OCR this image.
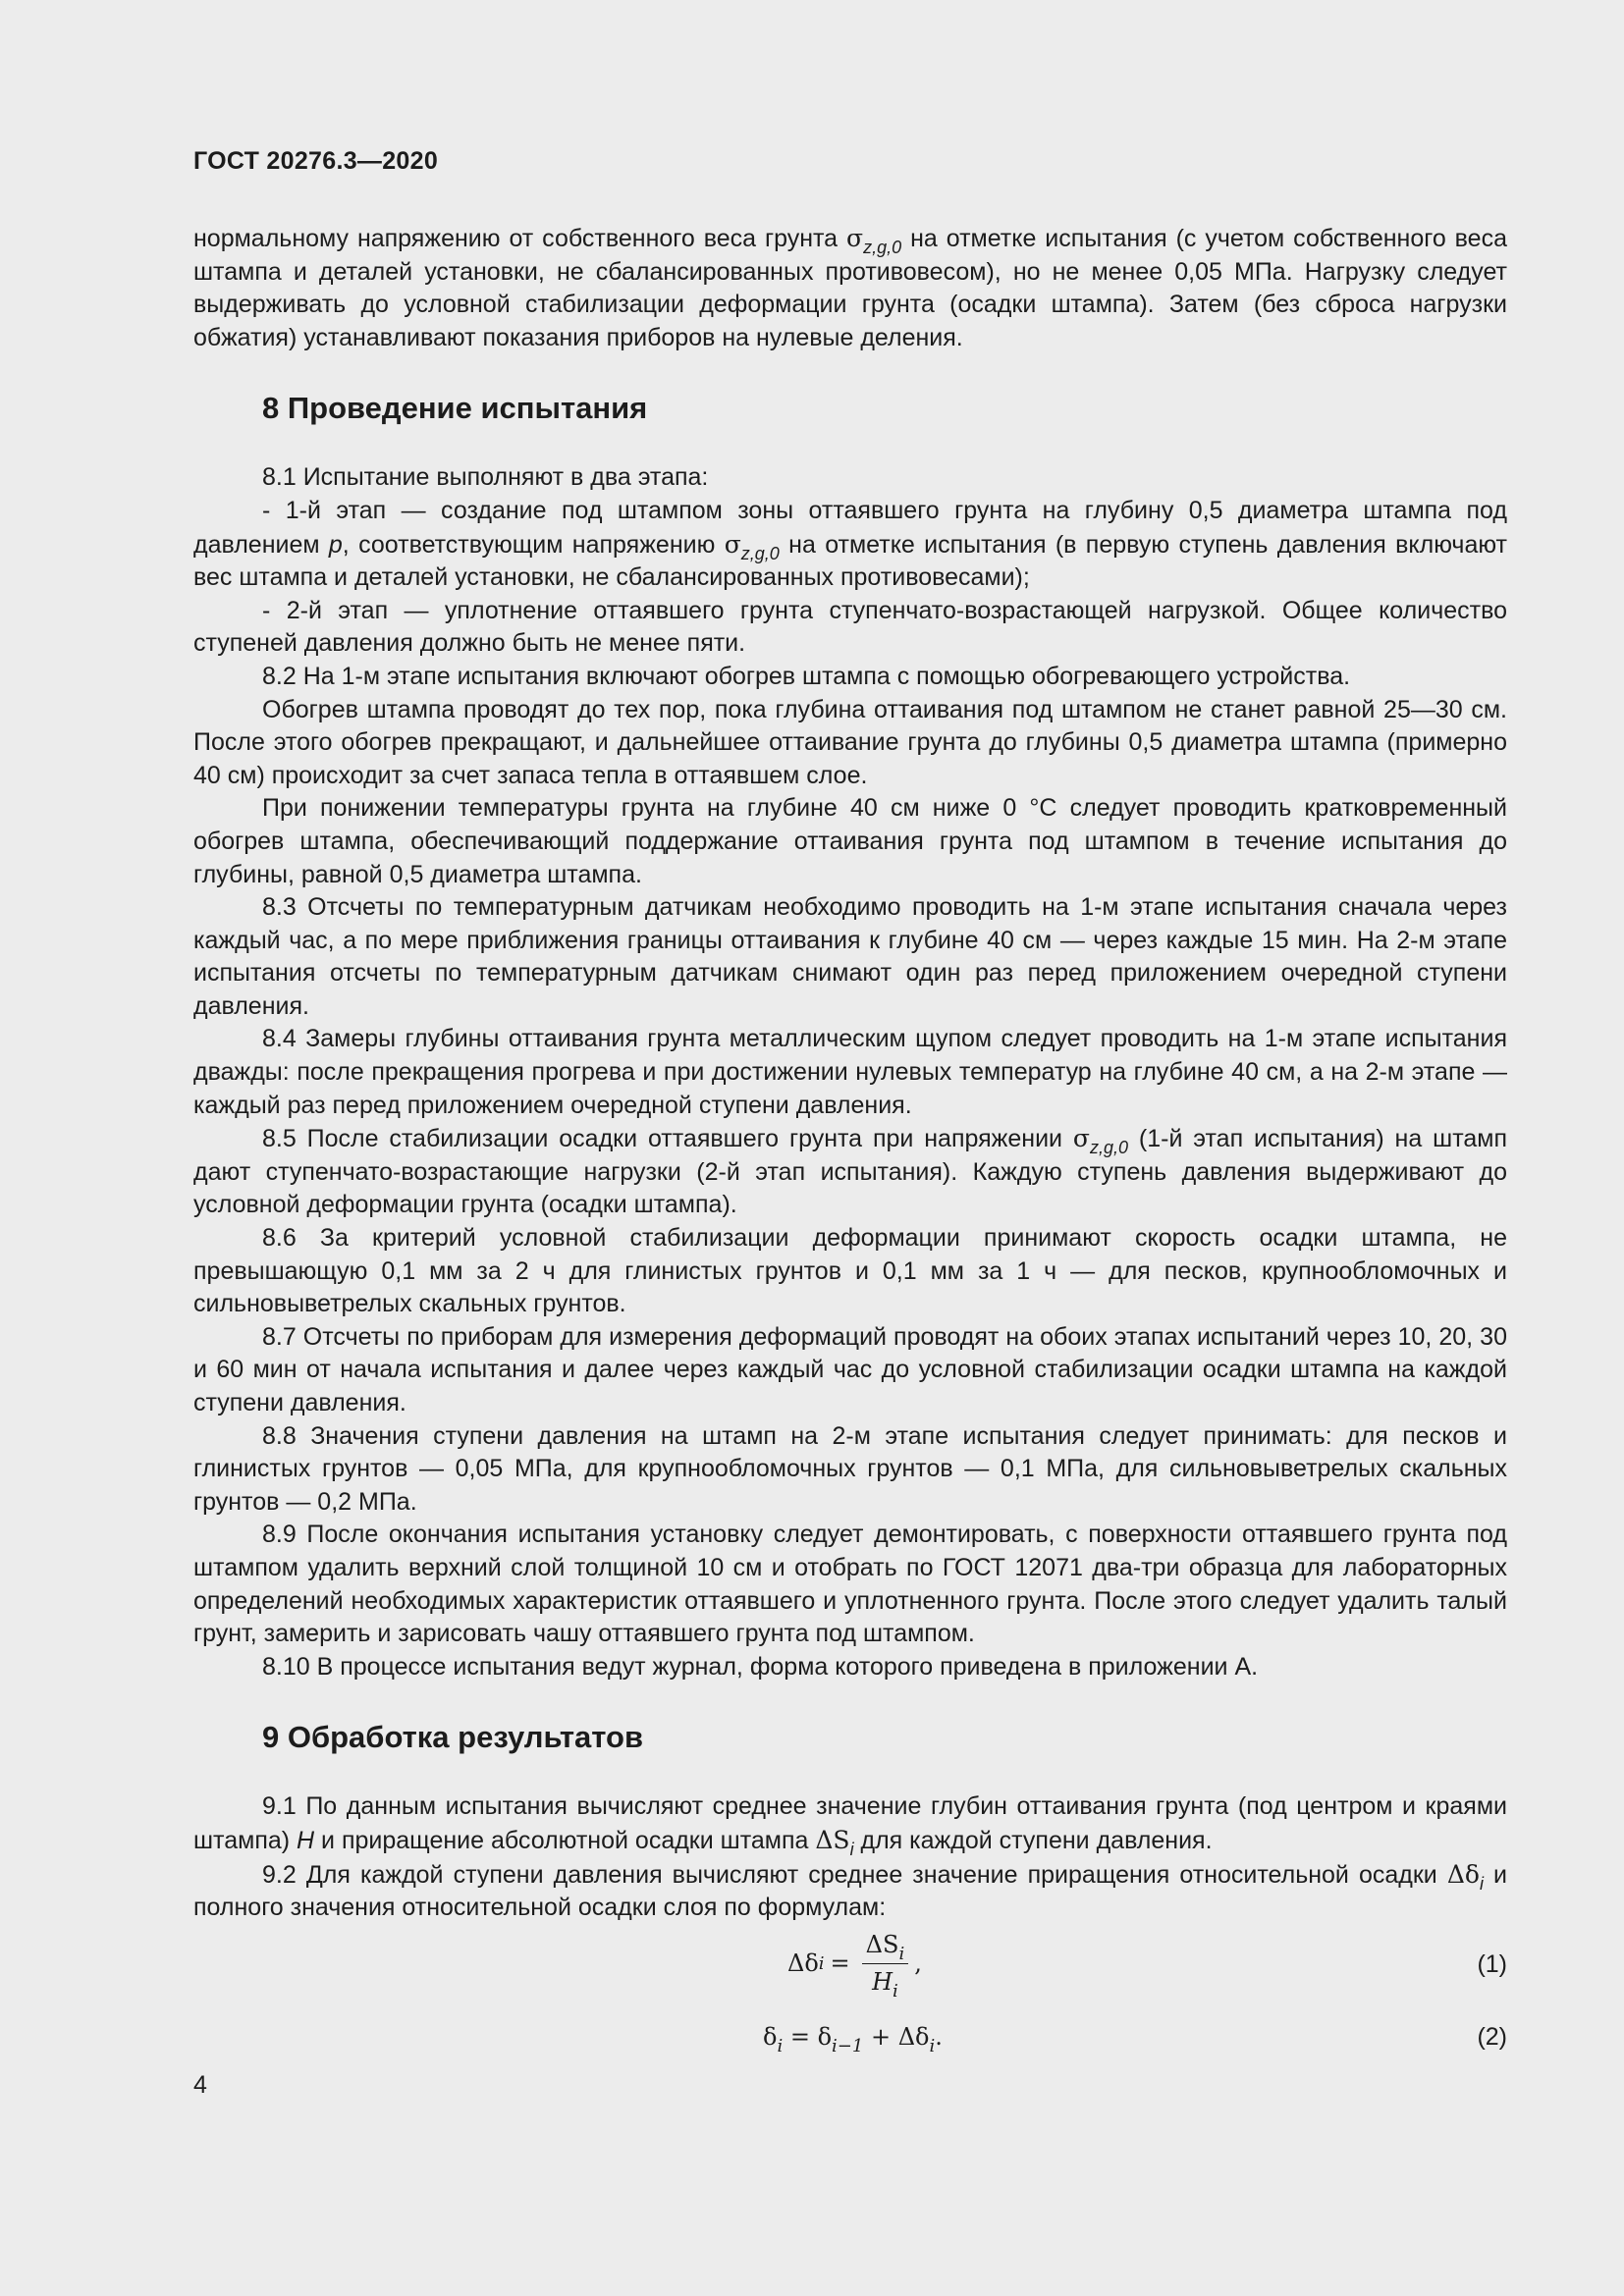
ГОСТ 20276.3—2020

нормальному напряжению от собственного веса грунта $\sigma_{z,g,0}$ на отметке испытания (с учетом собственного веса штампа и деталей установки, не сбалансированных противовесом), но не менее 0,05 МПа. Нагрузку следует выдерживать до условной стабилизации деформации грунта (осадки штампа). Затем (без сброса нагрузки обжатия) устанавливают показания приборов на нулевые деления.

8 Проведение испытания

8.1 Испытание выполняют в два этапа:

- 1-й этап — создание под штампом зоны оттаявшего грунта на глубину 0,5 диаметра штампа под давлением p, соответствующим напряжению $\sigma_{z,g,0}$ на отметке испытания (в первую ступень давления включают вес штампа и деталей установки, не сбалансированных противовесами);

- 2-й этап — уплотнение оттаявшего грунта ступенчато-возрастающей нагрузкой. Общее количество ступеней давления должно быть не менее пяти.

8.2 На 1-м этапе испытания включают обогрев штампа с помощью обогревающего устройства.

Обогрев штампа проводят до тех пор, пока глубина оттаивания под штампом не станет равной 25—30 см. После этого обогрев прекращают, и дальнейшее оттаивание грунта до глубины 0,5 диаметра штампа (примерно 40 см) происходит за счет запаса тепла в оттаявшем слое.

При понижении температуры грунта на глубине 40 см ниже 0 °С следует проводить кратковременный обогрев штампа, обеспечивающий поддержание оттаивания грунта под штампом в течение испытания до глубины, равной 0,5 диаметра штампа.

8.3 Отсчеты по температурным датчикам необходимо проводить на 1-м этапе испытания сначала через каждый час, а по мере приближения границы оттаивания к глубине 40 см — через каждые 15 мин. На 2-м этапе испытания отсчеты по температурным датчикам снимают один раз перед приложением очередной ступени давления.

8.4 Замеры глубины оттаивания грунта металлическим щупом следует проводить на 1-м этапе испытания дважды: после прекращения прогрева и при достижении нулевых температур на глубине 40 см, а на 2-м этапе — каждый раз перед приложением очередной ступени давления.

8.5 После стабилизации осадки оттаявшего грунта при напряжении $\sigma_{z,g,0}$ (1-й этап испытания) на штамп дают ступенчато-возрастающие нагрузки (2-й этап испытания). Каждую ступень давления выдерживают до условной деформации грунта (осадки штампа).

8.6 За критерий условной стабилизации деформации принимают скорость осадки штампа, не превышающую 0,1 мм за 2 ч для глинистых грунтов и 0,1 мм за 1 ч — для песков, крупнообломочных и сильновыветрелых скальных грунтов.

8.7 Отсчеты по приборам для измерения деформаций проводят на обоих этапах испытаний через 10, 20, 30 и 60 мин от начала испытания и далее через каждый час до условной стабилизации осадки штампа на каждой ступени давления.

8.8 Значения ступени давления на штамп на 2-м этапе испытания следует принимать: для песков и глинистых грунтов — 0,05 МПа, для крупнообломочных грунтов — 0,1 МПа, для сильновыветрелых скальных грунтов — 0,2 МПа.

8.9 После окончания испытания установку следует демонтировать, с поверхности оттаявшего грунта под штампом удалить верхний слой толщиной 10 см и отобрать по ГОСТ 12071 два-три образца для лабораторных определений необходимых характеристик оттаявшего и уплотненного грунта. После этого следует удалить талый грунт, замерить и зарисовать чашу оттаявшего грунта под штампом.

8.10 В процессе испытания ведут журнал, форма которого приведена в приложении А.

9 Обработка результатов

9.1 По данным испытания вычисляют среднее значение глубин оттаивания грунта (под центром и краями штампа) H и приращение абсолютной осадки штампа $\Delta S_i$ для каждой ступени давления.

9.2 Для каждой ступени давления вычисляют среднее значение приращения относительной осадки $\Delta\delta_i$ и полного значения относительной осадки слоя по формулам:

Δδ $i = \frac{\Delta S_i}{H_i}$ ,	(1)
$\delta_i = \delta_{i-1} + \Delta\delta_i$.	(2)
4
